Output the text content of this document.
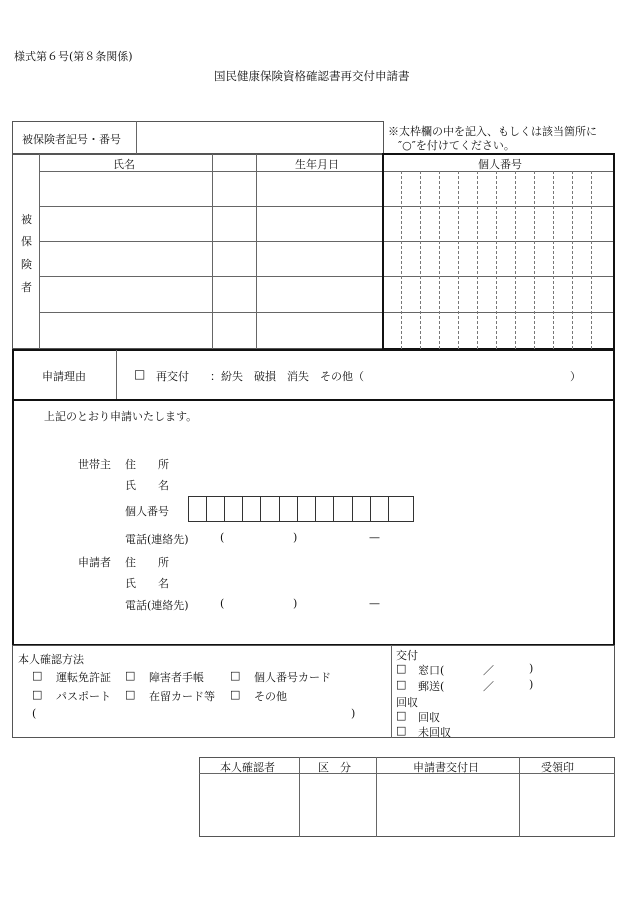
様式第６号(第８条関係)
国民健康保険資格確認書再交付申請書
被保険者記号・番号
※太枠欄の中を記入、もしくは該当箇所に
″○″を付けてください。
氏名	生年月日	個人番号
被
保
険
者
申請理由	□ 再交付 ：紛失　破損　消失　その他（	）
上記のとおり申請いたします。
世帯主 住　　所
氏　　名
個人番号
電話(連絡先)	(	)	—
申請者 住　　所
氏　　名
電話(連絡先)	(	)	—
本人確認方法
□ 運転免許証 □ 障害者手帳 □ 個人番号カード
□ パスポート □ 在留カード等 □ その他
(	)
交付
□ 窓口(	／	)
□ 郵送(	／	)
回収
□ 回収
□ 未回収
本人確認者	区　分	申請書交付日	受領印
